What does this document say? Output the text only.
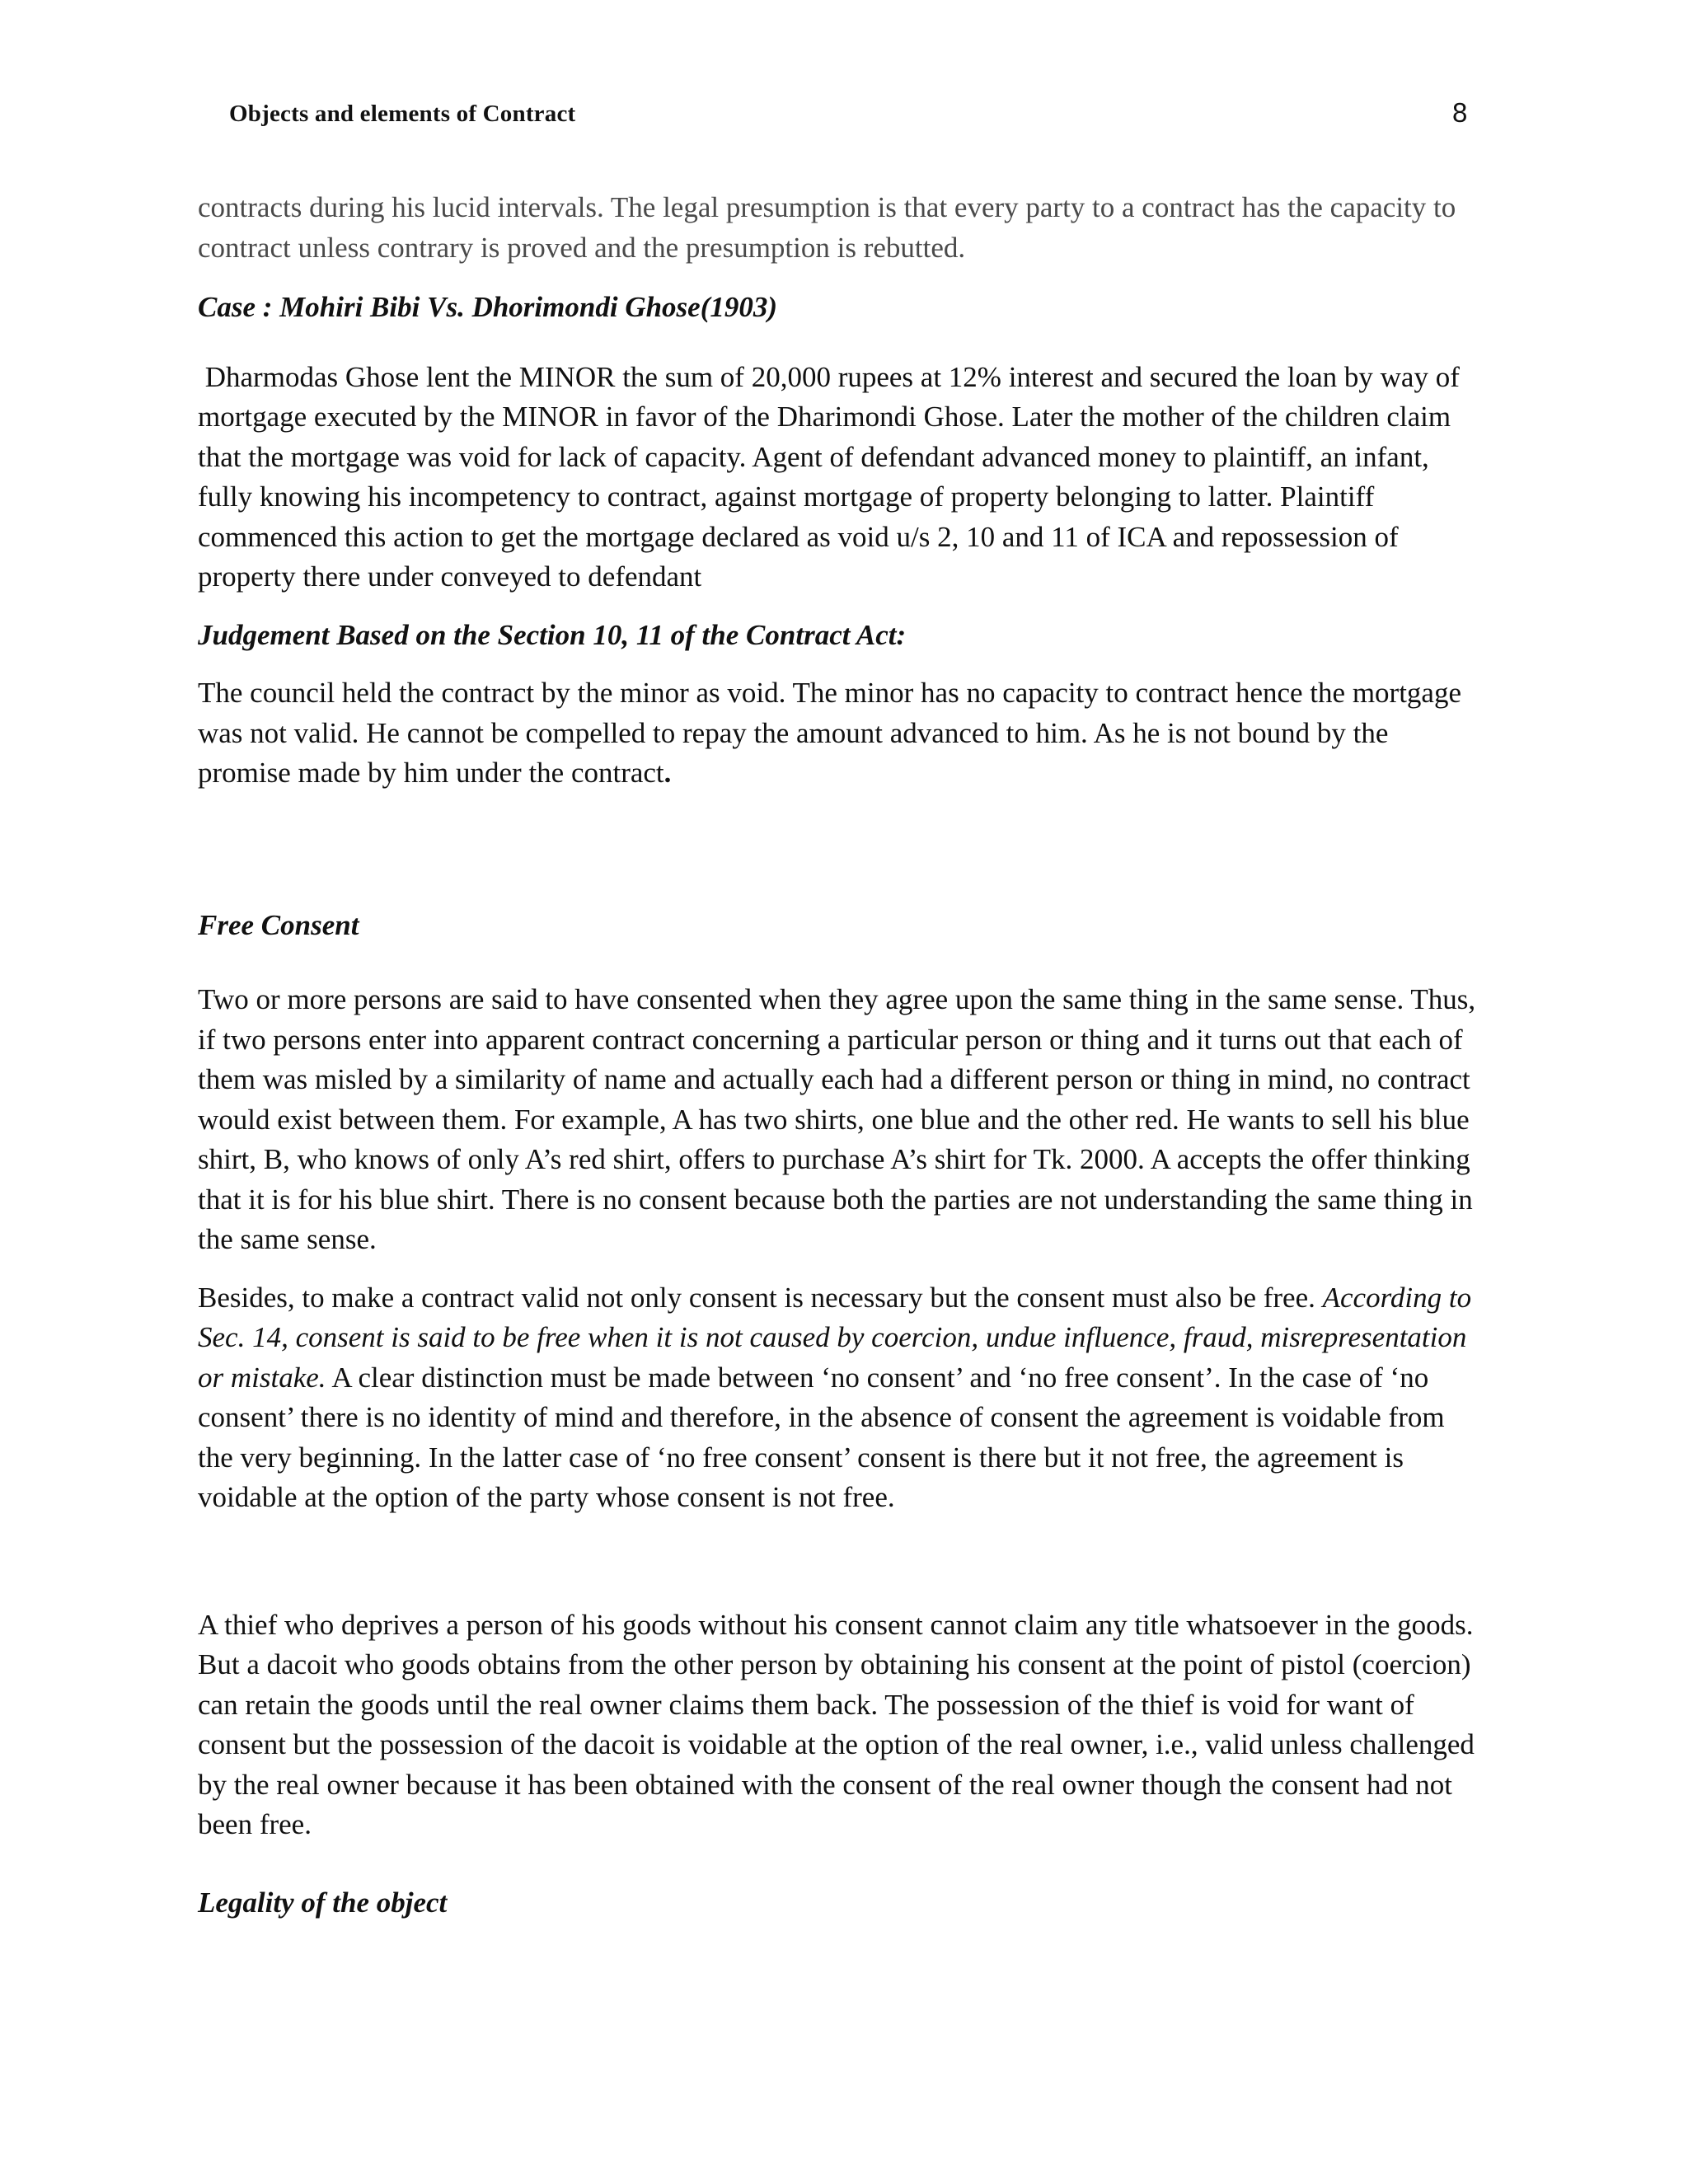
Objects and elements of Contract	8

contracts during his lucid intervals. The legal presumption is that every party to a contract has the capacity to contract unless contrary is proved and the presumption is rebutted.

Case : Mohiri Bibi Vs. Dhorimondi Ghose(1903)

Dharmodas Ghose lent the MINOR the sum of 20,000 rupees at 12% interest and secured the loan by way of mortgage executed by the MINOR in favor of the Dharimondi Ghose. Later the mother of the children claim that the mortgage was void for lack of capacity. Agent of defendant advanced money to plaintiff, an infant, fully knowing his incompetency to contract, against mortgage of property belonging to latter. Plaintiff commenced this action to get the mortgage declared as void u/s 2, 10 and 11 of ICA and repossession of property there under conveyed to defendant

Judgement Based on the Section 10, 11 of the Contract Act:

The council held the contract by the minor as void. The minor has no capacity to contract hence the mortgage was not valid. He cannot be compelled to repay the amount advanced to him. As he is not bound by the promise made by him under the contract.

Free Consent

Two or more persons are said to have consented when they agree upon the same thing in the same sense. Thus, if two persons enter into apparent contract concerning a particular person or thing and it turns out that each of them was misled by a similarity of name and actually each had a different person or thing in mind, no contract would exist between them. For example, A has two shirts, one blue and the other red. He wants to sell his blue shirt, B, who knows of only A’s red shirt, offers to purchase A’s shirt for Tk. 2000. A accepts the offer thinking that it is for his blue shirt. There is no consent because both the parties are not understanding the same thing in the same sense.

Besides, to make a contract valid not only consent is necessary but the consent must also be free. According to Sec. 14, consent is said to be free when it is not caused by coercion, undue influence, fraud, misrepresentation or mistake. A clear distinction must be made between ‘no consent’ and ‘no free consent’. In the case of ‘no consent’ there is no identity of mind and therefore, in the absence of consent the agreement is voidable from the very beginning. In the latter case of ‘no free consent’ consent is there but it not free, the agreement is voidable at the option of the party whose consent is not free.

A thief who deprives a person of his goods without his consent cannot claim any title whatsoever in the goods. But a dacoit who goods obtains from the other person by obtaining his consent at the point of pistol (coercion) can retain the goods until the real owner claims them back. The possession of the thief is void for want of consent but the possession of the dacoit is voidable at the option of the real owner, i.e., valid unless challenged by the real owner because it has been obtained with the consent of the real owner though the consent had not been free.

Legality of the object
